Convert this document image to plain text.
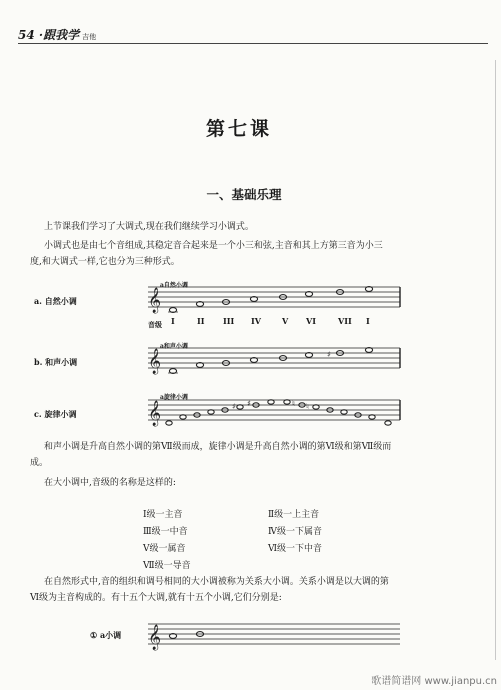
54 ·跟我学 吉他
第七课
一、基础乐理
上节课我们学习了大调式,现在我们继续学习小调式。
小调式也是由七个音组成,其稳定音合起来是一个小三和弦,主音和其上方第三音为小三
度,和大调式一样,它也分为三种形式。
a. 自然小调
a自然小调
音级 I	II III IV	V VI	VII I
b. 和声小调
a和声小调
c. 旋律小调
a旋律小调
𝄞
𝄞
𝄞
𝄞
♯
♯ ♯	♮ ♮
和声小调是升高自然小调的第Ⅶ级而成，旋律小调是升高自然小调的第Ⅵ级和第Ⅶ级而
成。
在大小调中,音级的名称是这样的:
Ⅰ级一主音	Ⅱ级一上主音
Ⅲ级一中音	Ⅳ级一下属音
Ⅴ级一属音	Ⅵ级一下中音
Ⅶ级一导音
在自然形式中,音的组织和调号相同的大小调被称为关系大小调。关系小调是以大调的第
Ⅵ级为主音构成的。有十五个大调,就有十五个小调,它们分别是:
① a小调
歌谱简谱网 www.jianpu.cn
